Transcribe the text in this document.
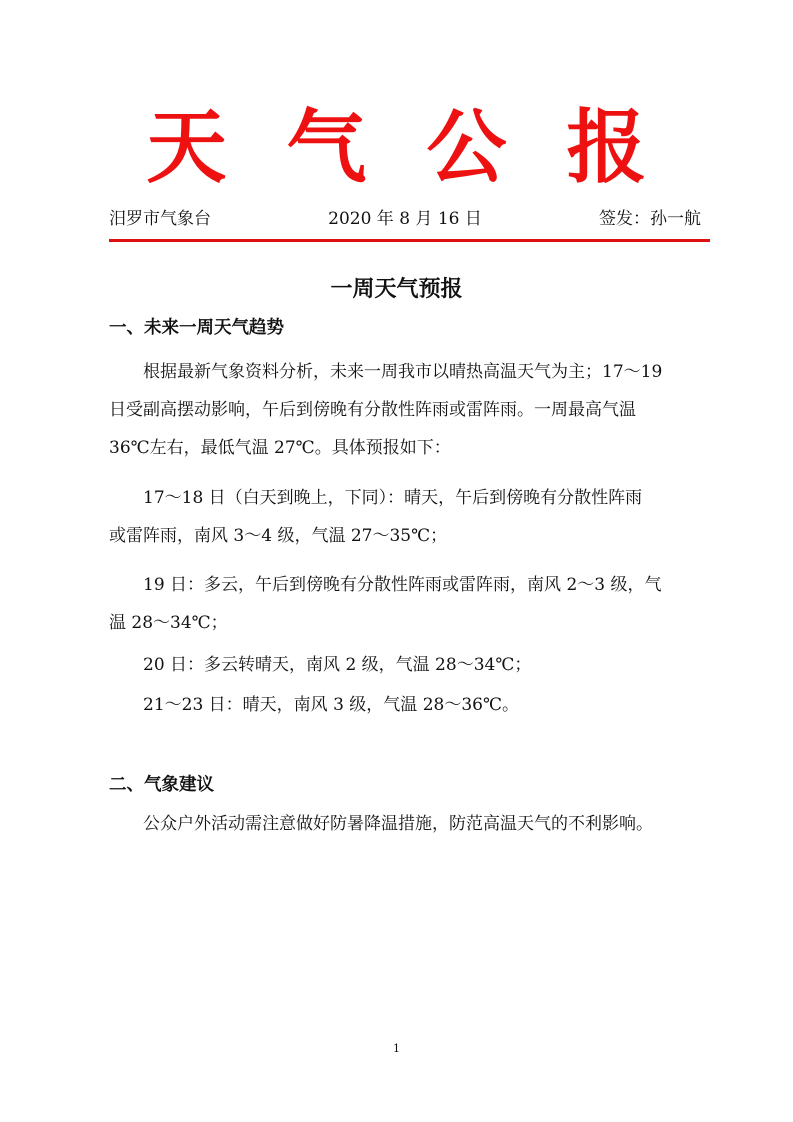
天气公报
汨罗市气象台	2020 年 8 月 16 日	签发：孙一航
一周天气预报
一、未来一周天气趋势

根据最新气象资料分析，未来一周我市以晴热高温天气为主；17～19
日受副高摆动影响，午后到傍晚有分散性阵雨或雷阵雨。一周最高气温
36℃左右，最低气温 27℃。具体预报如下：

17～18 日（白天到晚上，下同）：晴天，午后到傍晚有分散性阵雨
或雷阵雨，南风 3～4 级，气温 27～35℃；

19 日：多云，午后到傍晚有分散性阵雨或雷阵雨，南风 2～3 级，气
温 28～34℃；

20 日：多云转晴天，南风 2 级，气温 28～34℃；

21～23 日：晴天，南风 3 级，气温 28～36℃。

二、气象建议

公众户外活动需注意做好防暑降温措施，防范高温天气的不利影响。

1
